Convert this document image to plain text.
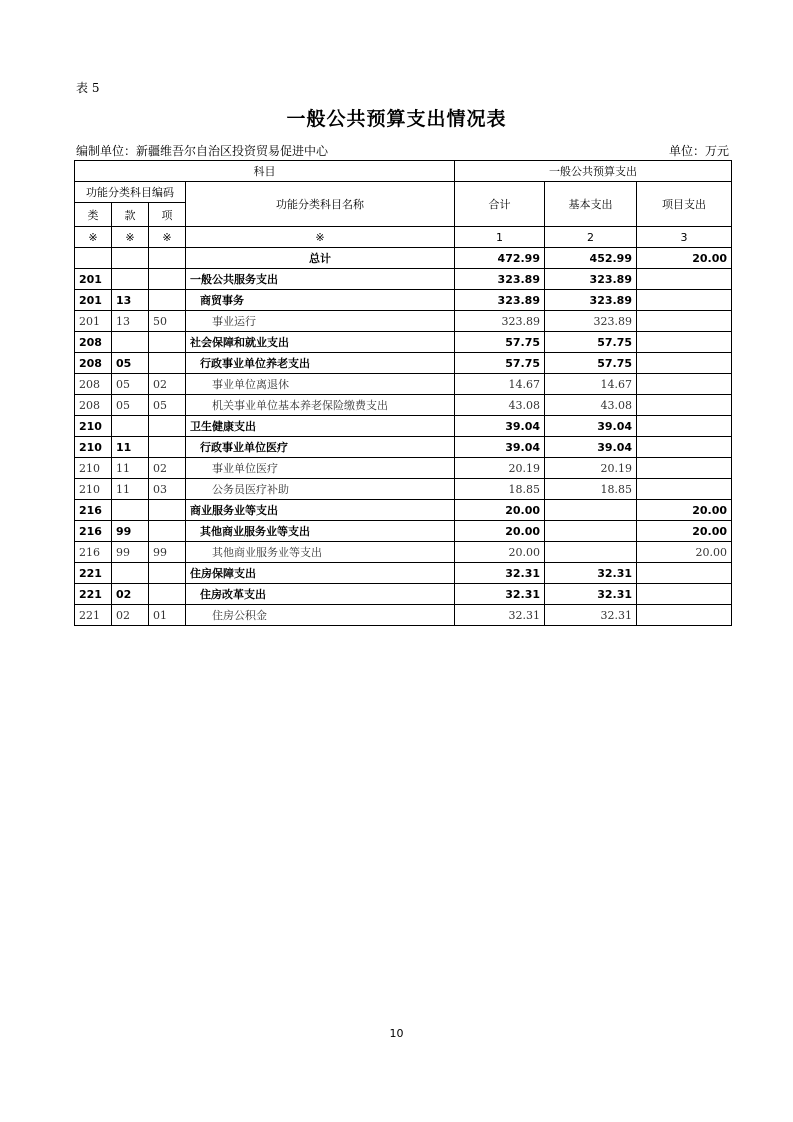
表 5
一般公共预算支出情况表
编制单位：新疆维吾尔自治区投资贸易促进中心	单位：万元
科目				一般公共预算支出		
功能分类科目编码			功能分类科目名称	合计	基本支出	项目支出
类	款	项				
※	※	※	※	1	2	3
			总计	472.99	452.99	20.00
201			一般公共服务支出	323.89	323.89	
201	13		商贸事务	323.89	323.89	
201	13	50	事业运行	323.89	323.89	
208			社会保障和就业支出	57.75	57.75	
208	05		行政事业单位养老支出	57.75	57.75	
208	05	02	事业单位离退休	14.67	14.67	
208	05	05	机关事业单位基本养老保险缴费支出	43.08	43.08	
210			卫生健康支出	39.04	39.04	
210	11		行政事业单位医疗	39.04	39.04	
210	11	02	事业单位医疗	20.19	20.19	
210	11	03	公务员医疗补助	18.85	18.85	
216			商业服务业等支出	20.00		20.00
216	99		其他商业服务业等支出	20.00		20.00
216	99	99	其他商业服务业等支出	20.00		20.00
221			住房保障支出	32.31	32.31	
221	02		住房改革支出	32.31	32.31	
221	02	01	住房公积金	32.31	32.31	
10
